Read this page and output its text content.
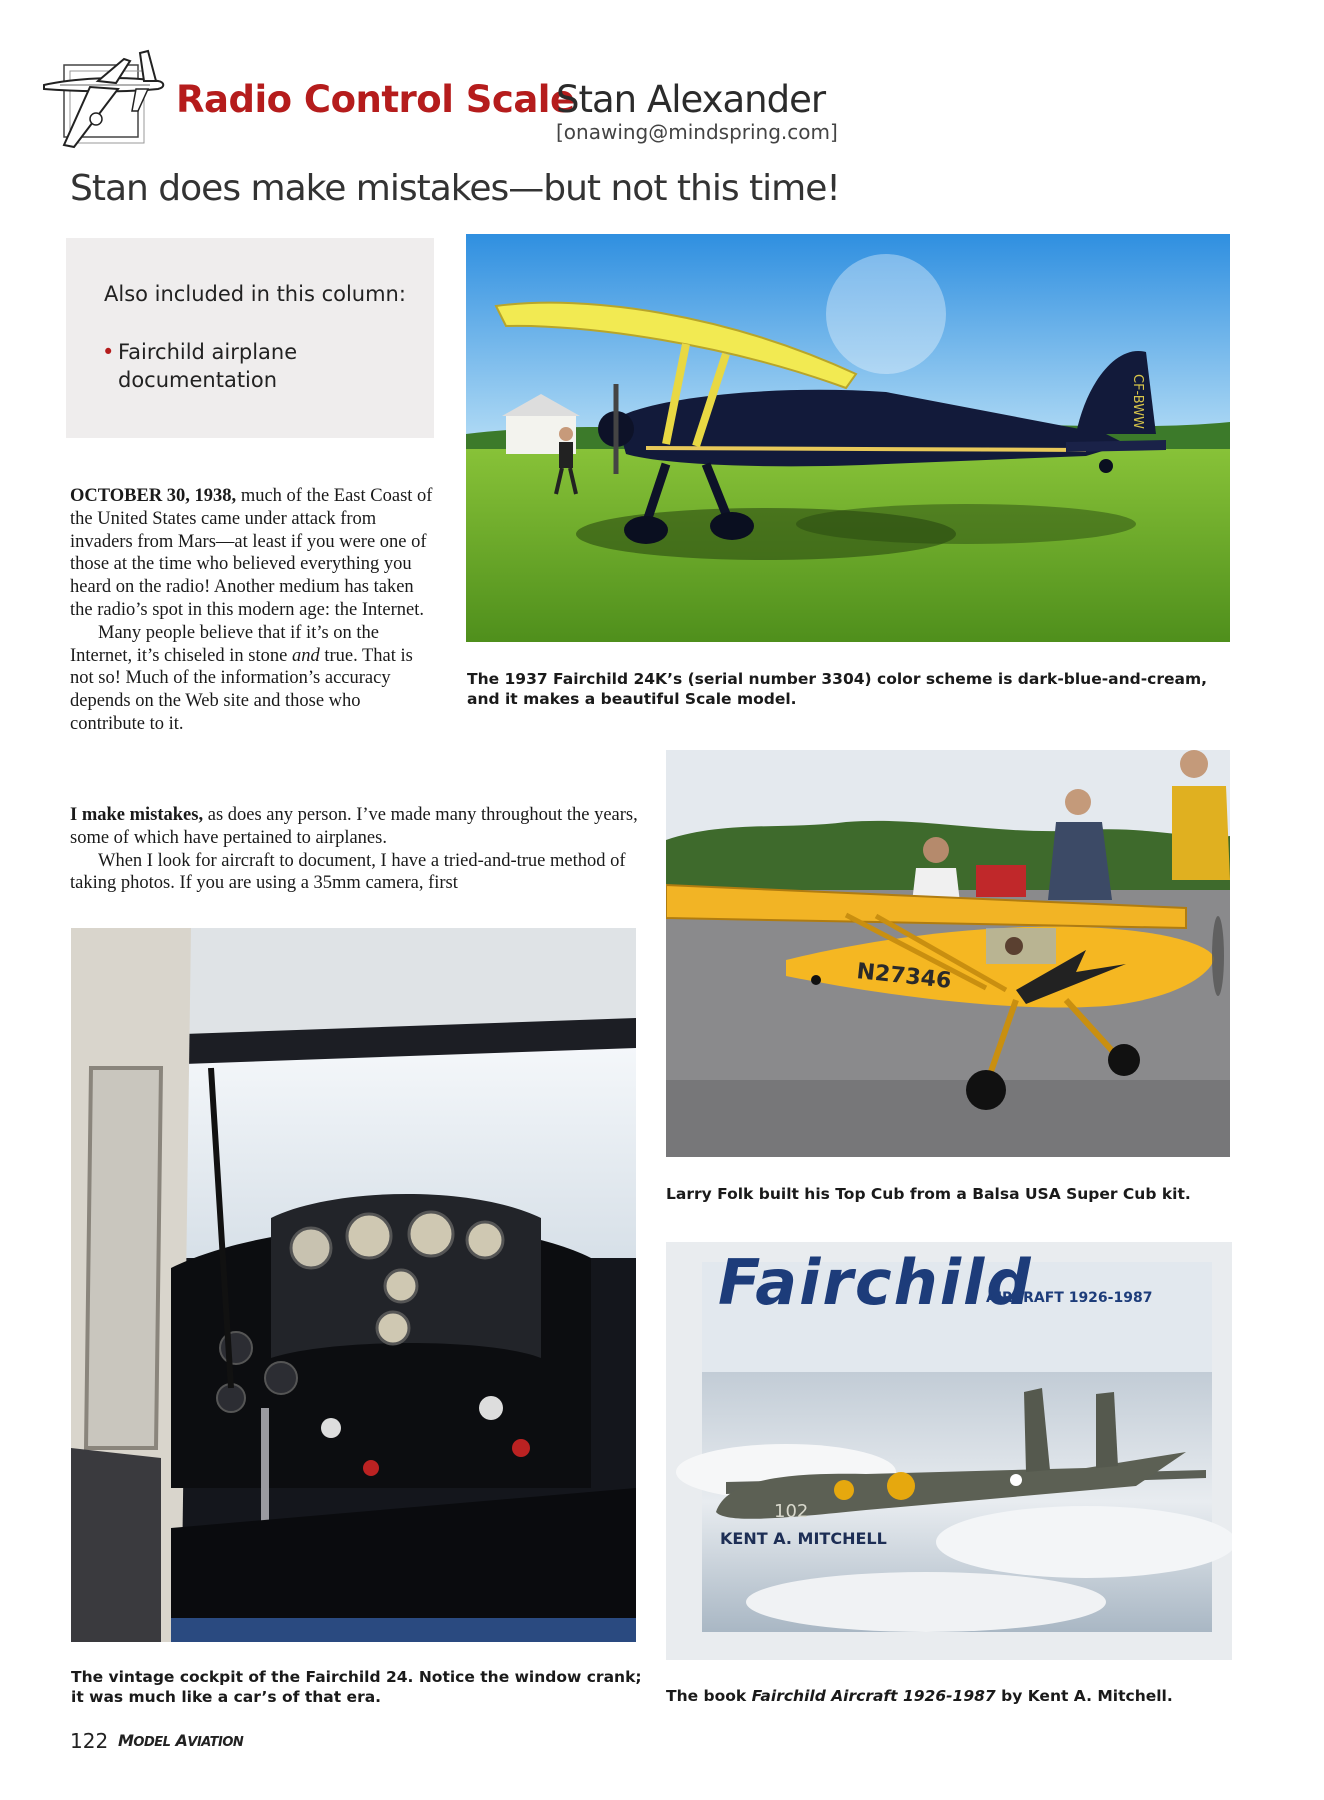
Radio Control Scale
Stan Alexander
[onawing@mindspring.com]
Stan does make mistakes—but not this time!
Also included in this column:
• Fairchild airplane documentation

OCTOBER 30, 1938, much of the East Coast of the United States came under attack from invaders from Mars—at least if you were one of those at the time who believed everything you heard on the radio! Another medium has taken the radio’s spot in this modern age: the Internet.

Many people believe that if it’s on the Internet, it’s chiseled in stone and true. That is not so! Much of the information’s accuracy depends on the Web site and those who contribute to it.

I make mistakes, as does any person. I’ve made many throughout the years, some of which have pertained to airplanes.

When I look for aircraft to document, I have a tried-and-true method of taking photos. If you are using a 35mm camera, first

CF-BWW
The 1937 Fairchild 24K’s (serial number 3304) color scheme is dark-blue-and-cream, and it makes a beautiful Scale model.
N27346
Larry Folk built his Top Cub from a Balsa USA Super Cub kit.
The vintage cockpit of the Fairchild 24. Notice the window crank; it was much like a car’s of that era.
102
Fairchild
AIRCRAFT 1926-1987
KENT A. MITCHELL
The book Fairchild Aircraft 1926-1987 by Kent A. Mitchell.
122 MODEL AVIATION
